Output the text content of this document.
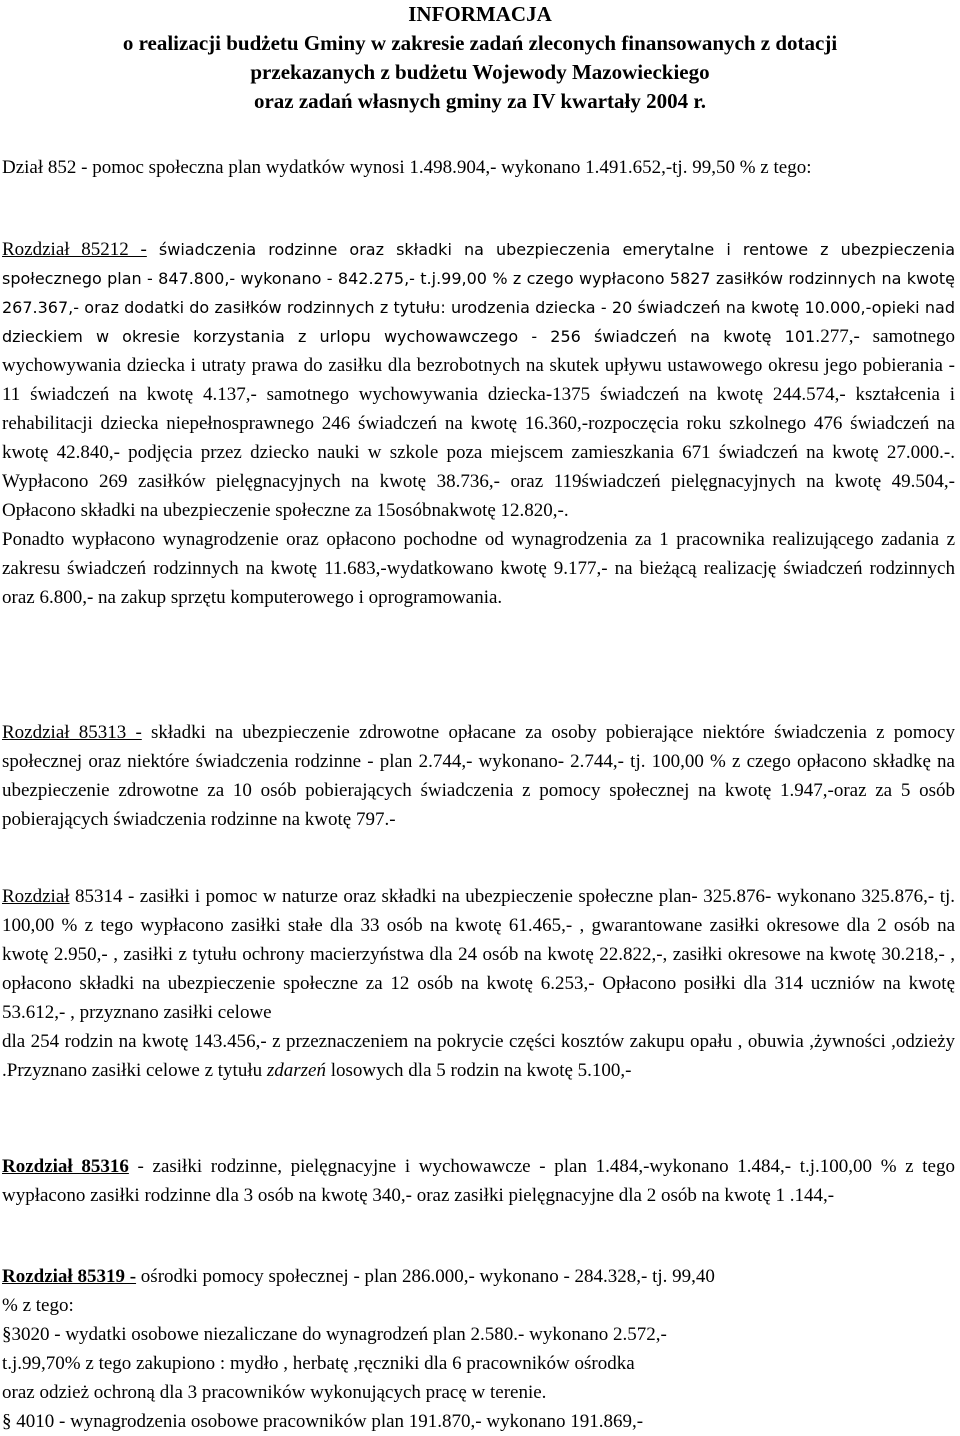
INFORMACJA
o realizacji budżetu Gminy w zakresie zadań zleconych finansowanych z dotacji
przekazanych z budżetu Wojewody Mazowieckiego
oraz zadań własnych gminy za IV kwartały 2004 r.
Dział 852 - pomoc społeczna plan wydatków wynosi 1.498.904,- wykonano 1.491.652,-tj. 99,50 % z tego:
Rozdział 85212 - świadczenia rodzinne oraz składki na ubezpieczenia emerytalne i rentowe z ubezpieczenia społecznego plan - 847.800,- wykonano - 842.275,- t.j.99,00 % z czego wypłacono 5827 zasiłków rodzinnych na kwotę 267.367,- oraz dodatki do zasiłków rodzinnych z tytułu: urodzenia dziecka - 20 świadczeń na kwotę 10.000,-opieki nad dzieckiem w okresie korzystania z urlopu wychowawczego - 256 świadczeń na kwotę 101.277,- samotnego wychowywania dziecka i utraty prawa do zasiłku dla bezrobotnych na skutek upływu ustawowego okresu jego pobierania - 11 świadczeń na kwotę 4.137,- samotnego wychowywania dziecka-1375 świadczeń na kwotę 244.574,- kształcenia i rehabilitacji dziecka niepełnosprawnego 246 świadczeń na kwotę 16.360,-rozpoczęcia roku szkolnego 476 świadczeń na kwotę 42.840,- podjęcia przez dziecko nauki w szkole poza miejscem zamieszkania 671 świadczeń na kwotę 27.000.-. Wypłacono 269 zasiłków pielęgnacyjnych na kwotę 38.736,- oraz 119świadczeń pielęgnacyjnych na kwotę 49.504,- Opłacono składki na ubezpieczenie społeczne za 15osóbnakwotę 12.820,-.
Ponadto wypłacono wynagrodzenie oraz opłacono pochodne od wynagrodzenia za 1 pracownika realizującego zadania z zakresu świadczeń rodzinnych na kwotę 11.683,-wydatkowano kwotę 9.177,- na bieżącą realizację świadczeń rodzinnych oraz 6.800,- na zakup sprzętu komputerowego i oprogramowania.
Rozdział 85313 - składki na ubezpieczenie zdrowotne opłacane za osoby pobierające niektóre świadczenia z pomocy społecznej oraz niektóre świadczenia rodzinne - plan 2.744,- wykonano- 2.744,- tj. 100,00 % z czego opłacono składkę na ubezpieczenie zdrowotne za 10 osób pobierających świadczenia z pomocy społecznej na kwotę 1.947,-oraz za 5 osób pobierających świadczenia rodzinne na kwotę 797.-
Rozdział 85314 - zasiłki i pomoc w naturze oraz składki na ubezpieczenie społeczne plan- 325.876- wykonano 325.876,- tj. 100,00 % z tego wypłacono zasiłki stałe dla 33 osób na kwotę 61.465,- , gwarantowane zasiłki okresowe dla 2 osób na kwotę 2.950,- , zasiłki z tytułu ochrony macierzyństwa dla 24 osób na kwotę 22.822,-, zasiłki okresowe na kwotę 30.218,- , opłacono składki na ubezpieczenie społeczne za 12 osób na kwotę 6.253,- Opłacono posiłki dla 314 uczniów na kwotę 53.612,- , przyznano zasiłki celowe
dla 254 rodzin na kwotę 143.456,- z przeznaczeniem na pokrycie części kosztów zakupu opału , obuwia ,żywności ,odzieży .Przyznano zasiłki celowe z tytułu zdarzeń losowych dla 5 rodzin na kwotę 5.100,-
Rozdział 85316 - zasiłki rodzinne, pielęgnacyjne i wychowawcze - plan 1.484,-wykonano 1.484,- t.j.100,00 % z tego wypłacono zasiłki rodzinne dla 3 osób na kwotę 340,- oraz zasiłki pielęgnacyjne dla 2 osób na kwotę 1 .144,-
Rozdział 85319 - ośrodki pomocy społecznej - plan 286.000,- wykonano - 284.328,- tj. 99,40
% z tego:
§3020 - wydatki osobowe niezaliczane do wynagrodzeń plan 2.580.- wykonano 2.572,-
t.j.99,70% z tego zakupiono : mydło , herbatę ,ręczniki dla 6 pracowników ośrodka
oraz odzież ochroną dla 3 pracowników wykonujących pracę w terenie.
§ 4010 - wynagrodzenia osobowe pracowników plan 191.870,- wykonano 191.869,-
